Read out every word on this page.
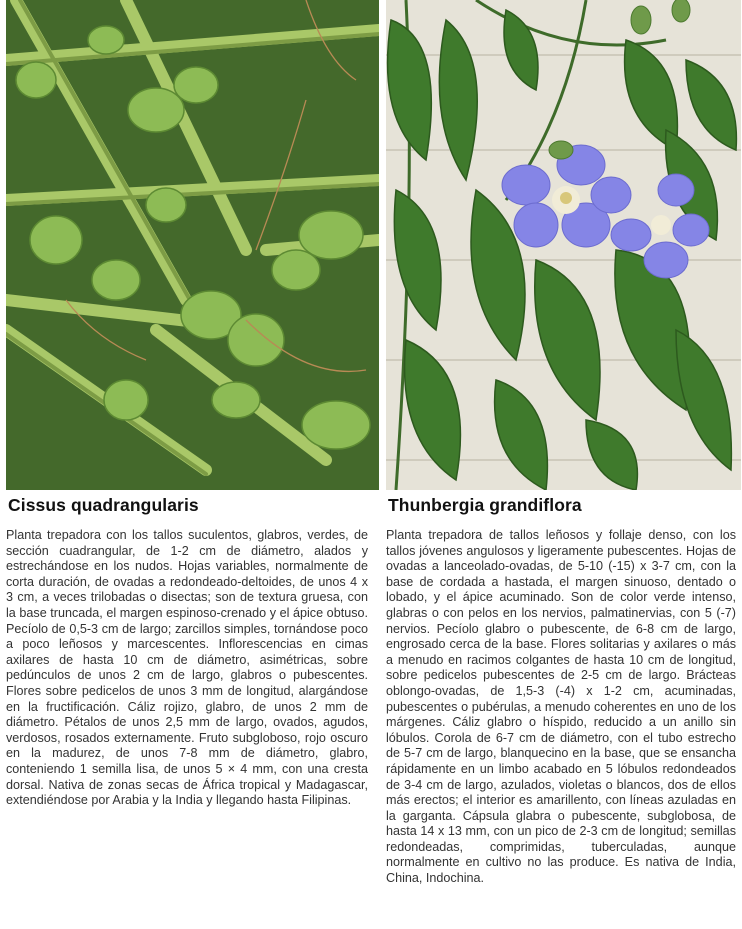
Cissus quadrangularis

Planta trepadora con los tallos suculentos, glabros, verdes, de sección cuadrangular, de 1-2 cm de diámetro, alados y estrechándose en los nudos. Hojas variables, normalmente de corta duración, de ovadas a redondeado-deltoides, de unos 4 x 3 cm, a veces trilobadas o disectas; son de textura gruesa, con la base truncada, el margen espinoso-crenado y el ápice obtuso. Pecíolo de 0,5-3 cm de largo; zarcillos simples, tornándose poco a poco leñosos y marcescentes. Inflorescencias en cimas axilares de hasta 10 cm de diámetro, asimétricas, sobre pedúnculos de unos 2 cm de largo, glabros o pubescentes. Flores sobre pedicelos de unos 3 mm de longitud, alargándose en la fructificación. Cáliz rojizo, glabro, de unos 2 mm de diámetro. Pétalos de unos 2,5 mm de largo, ovados, agudos, verdosos, rosados externamente. Fruto subgloboso, rojo oscuro en la madurez, de unos 7-8 mm de diámetro, glabro, conteniendo 1 semilla lisa, de unos 5 × 4 mm, con una cresta dorsal. Nativa de zonas secas de África tropical y Madagascar, extendiéndose por Arabia y la India y llegando hasta Filipinas.

Thunbergia grandiflora

Planta trepadora de tallos leñosos y follaje denso, con los tallos jóvenes angulosos y ligeramente pubescentes. Hojas de ovadas a lanceolado-ovadas, de 5-10 (-15) x 3-7 cm, con la base de cordada a hastada, el margen sinuoso, dentado o lobado, y el ápice acuminado. Son de color verde intenso, glabras o con pelos en los nervios, palmatinervias, con 5 (-7) nervios. Pecíolo glabro o pubescente, de 6-8 cm de largo, engrosado cerca de la base. Flores solitarias y axilares o más a menudo en racimos colgantes de hasta 10 cm de longitud, sobre pedicelos pubescentes de 2-5 cm de largo. Brácteas oblongo-ovadas, de 1,5-3 (-4) x 1-2 cm, acuminadas, pubescentes o pubérulas, a menudo coherentes en uno de los márgenes. Cáliz glabro o híspido, reducido a un anillo sin lóbulos. Corola de 6-7 cm de diámetro, con el tubo estrecho de 5-7 cm de largo, blanquecino en la base, que se ensancha rápidamente en un limbo acabado en 5 lóbulos redondeados de 3-4 cm de largo, azulados, violetas o blancos, dos de ellos más erectos; el interior es amarillento, con líneas azuladas en la garganta. Cápsula glabra o pubescente, subglobosa, de hasta 14 x 13 mm, con un pico de 2-3 cm de longitud; semillas redondeadas, comprimidas, tuberculadas, aunque normalmente en cultivo no las produce. Es nativa de India, China, Indochina.
